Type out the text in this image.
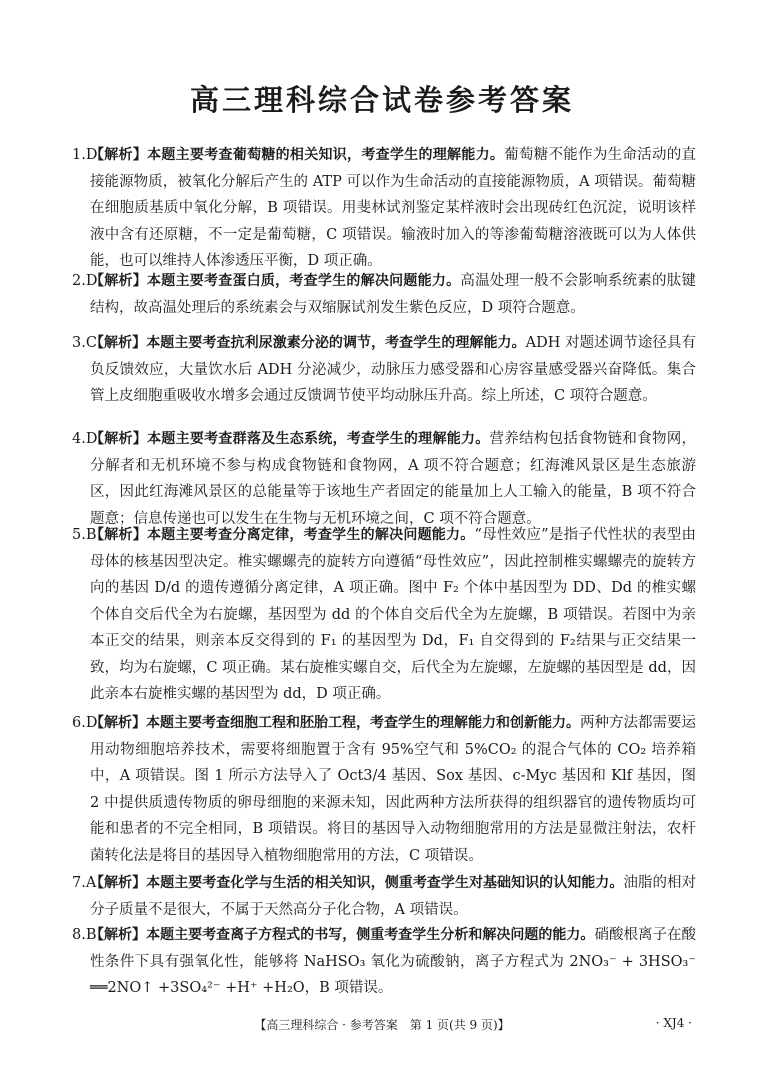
高三理科综合试卷参考答案
1.D
【解析】本题主要考查葡萄糖的相关知识，考查学生的理解能力。葡萄糖不能作为生命活动的直接能源物质，被氧化分解后产生的 ATP 可以作为生命活动的直接能源物质，A 项错误。葡萄糖在细胞质基质中氧化分解，B 项错误。用斐林试剂鉴定某样液时会出现砖红色沉淀，说明该样液中含有还原糖，不一定是葡萄糖，C 项错误。输液时加入的等渗葡萄糖溶液既可以为人体供能，也可以维持人体渗透压平衡，D 项正确。
2.D
【解析】本题主要考查蛋白质，考查学生的解决问题能力。高温处理一般不会影响系统素的肽键结构，故高温处理后的系统素会与双缩脲试剂发生紫色反应，D 项符合题意。
3.C
【解析】本题主要考查抗利尿激素分泌的调节，考查学生的理解能力。ADH 对题述调节途径具有负反馈效应，大量饮水后 ADH 分泌减少，动脉压力感受器和心房容量感受器兴奋降低。集合管上皮细胞重吸收水增多会通过反馈调节使平均动脉压升高。综上所述，C 项符合题意。
4.D
【解析】本题主要考查群落及生态系统，考查学生的理解能力。营养结构包括食物链和食物网，分解者和无机环境不参与构成食物链和食物网，A 项不符合题意；红海滩风景区是生态旅游区，因此红海滩风景区的总能量等于该地生产者固定的能量加上人工输入的能量，B 项不符合题意；信息传递也可以发生在生物与无机环境之间，C 项不符合题意。
5.B
【解析】本题主要考查分离定律，考查学生的解决问题能力。“母性效应”是指子代性状的表型由母体的核基因型决定。椎实螺螺壳的旋转方向遵循“母性效应”，因此控制椎实螺螺壳的旋转方向的基因 D/d 的遗传遵循分离定律，A 项正确。图中 F₂ 个体中基因型为 DD、Dd 的椎实螺个体自交后代全为右旋螺，基因型为 dd 的个体自交后代全为左旋螺，B 项错误。若图中为亲本正交的结果，则亲本反交得到的 F₁ 的基因型为 Dd，F₁ 自交得到的 F₂结果与正交结果一致，均为右旋螺，C 项正确。某右旋椎实螺自交，后代全为左旋螺，左旋螺的基因型是 dd，因此亲本右旋椎实螺的基因型为 dd，D 项正确。
6.D
【解析】本题主要考查细胞工程和胚胎工程，考查学生的理解能力和创新能力。两种方法都需要运用动物细胞培养技术，需要将细胞置于含有 95%空气和 5%CO₂ 的混合气体的 CO₂ 培养箱中，A 项错误。图 1 所示方法导入了 Oct3/4 基因、Sox 基因、c-Myc 基因和 Klf 基因，图 2 中提供质遗传物质的卵母细胞的来源未知，因此两种方法所获得的组织器官的遗传物质均可能和患者的不完全相同，B 项错误。将目的基因导入动物细胞常用的方法是显微注射法，农杆菌转化法是将目的基因导入植物细胞常用的方法，C 项错误。
7.A
【解析】本题主要考查化学与生活的相关知识，侧重考查学生对基础知识的认知能力。油脂的相对分子质量不是很大，不属于天然高分子化合物，A 项错误。
8.B
【解析】本题主要考查离子方程式的书写，侧重考查学生分析和解决问题的能力。硝酸根离子在酸性条件下具有强氧化性，能够将 NaHSO₃ 氧化为硫酸钠，离子方程式为 2NO₃⁻ + 3HSO₃⁻ ══2NO↑ +3SO₄²⁻ +H⁺ +H₂O，B 项错误。
【高三理科综合 · 参考答案　第 1 页(共 9 页)】	· XJ4 ·
